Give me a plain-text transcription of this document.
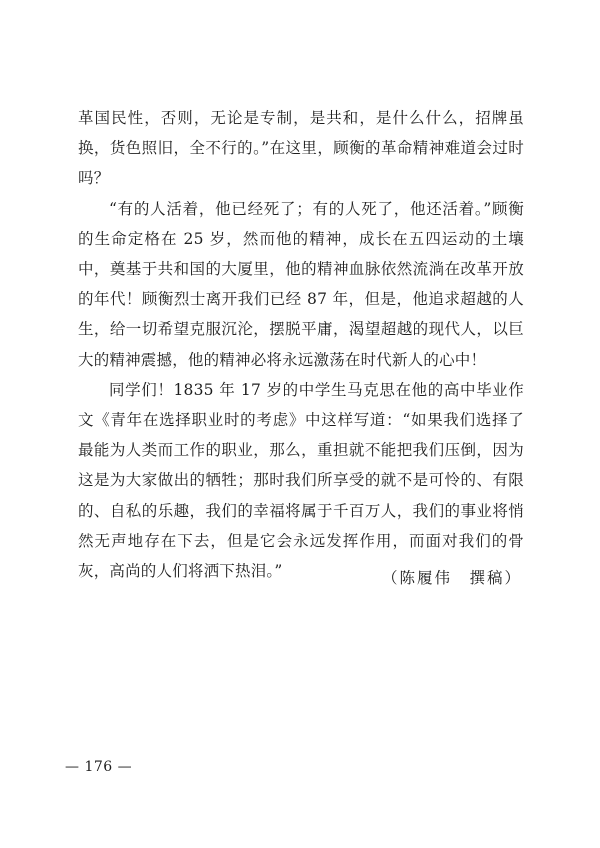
革国民性，否则，无论是专制，是共和，是什么什么，招牌虽换，货色照旧，全不行的。”在这里，顾衡的革命精神难道会过时吗？

“有的人活着，他已经死了；有的人死了，他还活着。”顾衡的生命定格在 25 岁，然而他的精神，成长在五四运动的土壤中，奠基于共和国的大厦里，他的精神血脉依然流淌在改革开放的年代！顾衡烈士离开我们已经 87 年，但是，他追求超越的人生，给一切希望克服沉沦，摆脱平庸，渴望超越的现代人，以巨大的精神震撼，他的精神必将永远激荡在时代新人的心中！

同学们！1835 年 17 岁的中学生马克思在他的高中毕业作文《青年在选择职业时的考虑》中这样写道：“如果我们选择了最能为人类而工作的职业，那么，重担就不能把我们压倒，因为这是为大家做出的牺牲；那时我们所享受的就不是可怜的、有限的、自私的乐趣，我们的幸福将属于千百万人，我们的事业将悄然无声地存在下去，但是它会永远发挥作用，而面对我们的骨灰，高尚的人们将洒下热泪。”	（陈履伟　撰稿）
— 176 —
